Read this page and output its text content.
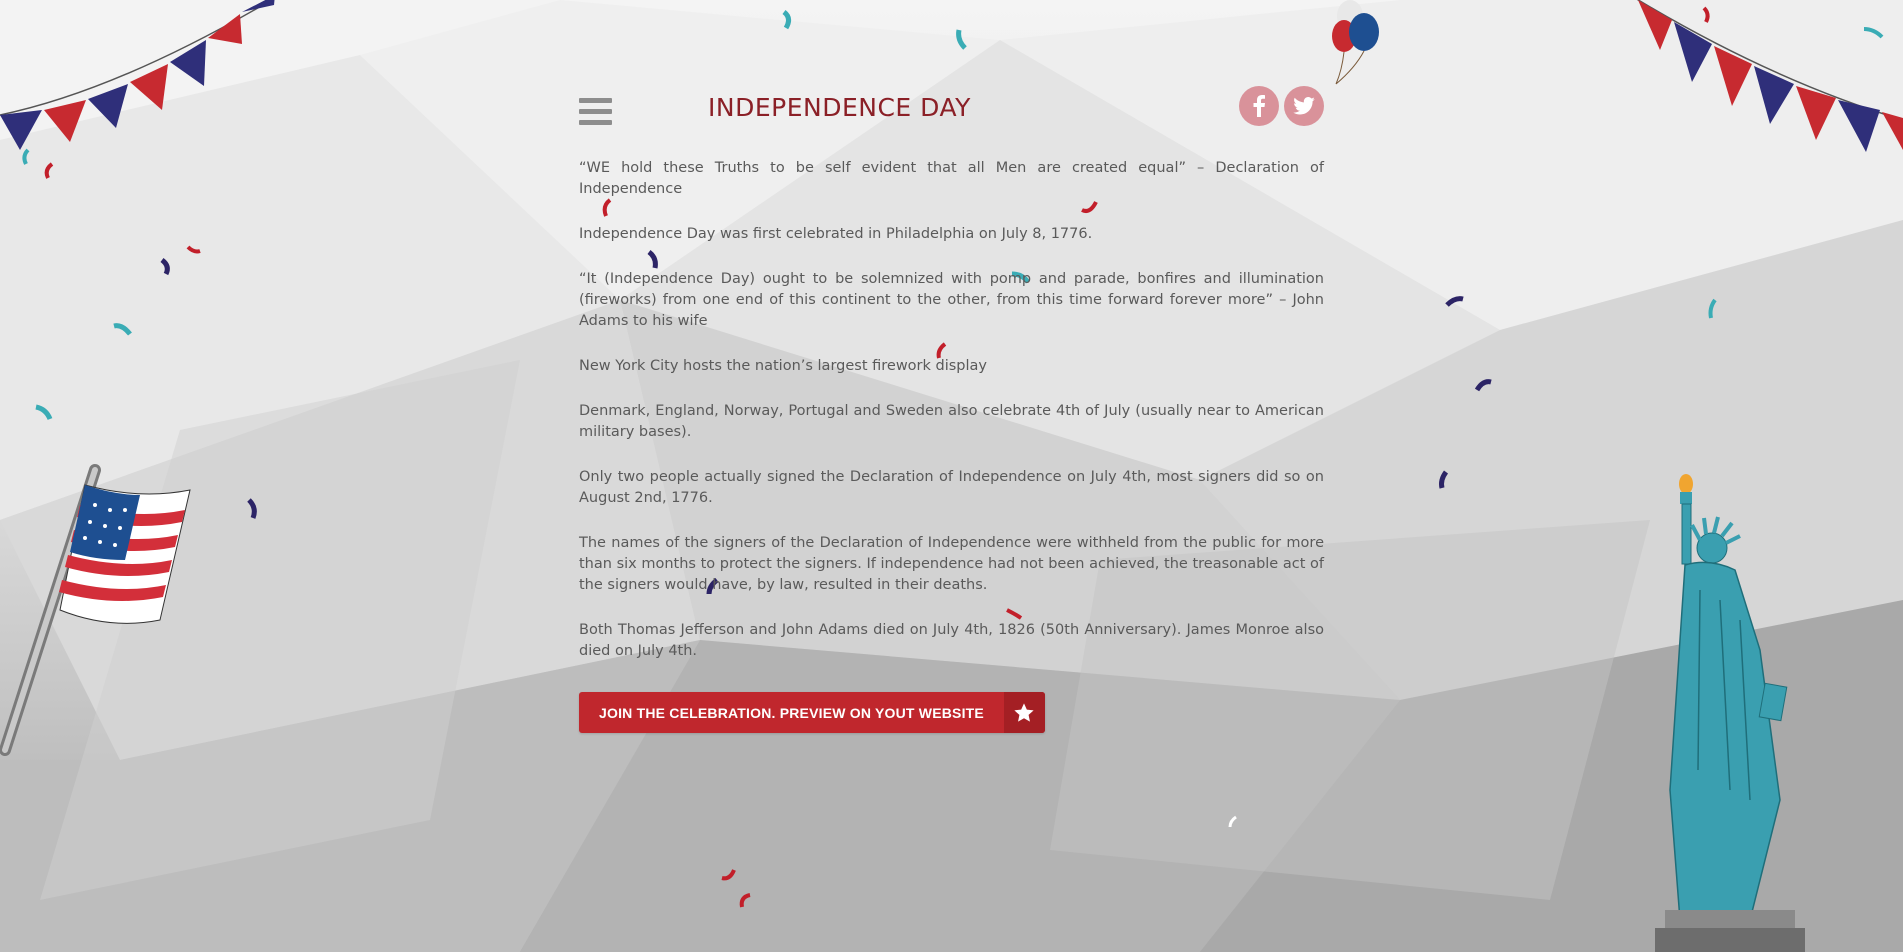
INDEPENDENCE DAY

“WE hold these Truths to be self evident that all Men are created equal” – Declaration of Independence

Independence Day was first celebrated in Philadelphia on July 8, 1776.

“It (Independence Day) ought to be solemnized with pomp and parade, bonfires and illumination (fireworks) from one end of this continent to the other, from this time forward forever more” – John Adams to his wife

New York City hosts the nation’s largest firework display

Denmark, England, Norway, Portugal and Sweden also celebrate 4th of July (usually near to American military bases).

Only two people actually signed the Declaration of Independence on July 4th, most signers did so on August 2nd, 1776.

The names of the signers of the Declaration of Independence were withheld from the public for more than six months to protect the signers. If independence had not been achieved, the treasonable act of the signers would have, by law, resulted in their deaths.

Both Thomas Jefferson and John Adams died on July 4th, 1826 (50th Anniversary). James Monroe also died on July 4th.

JOIN THE CELEBRATION. PREVIEW ON YOUT WEBSITE
